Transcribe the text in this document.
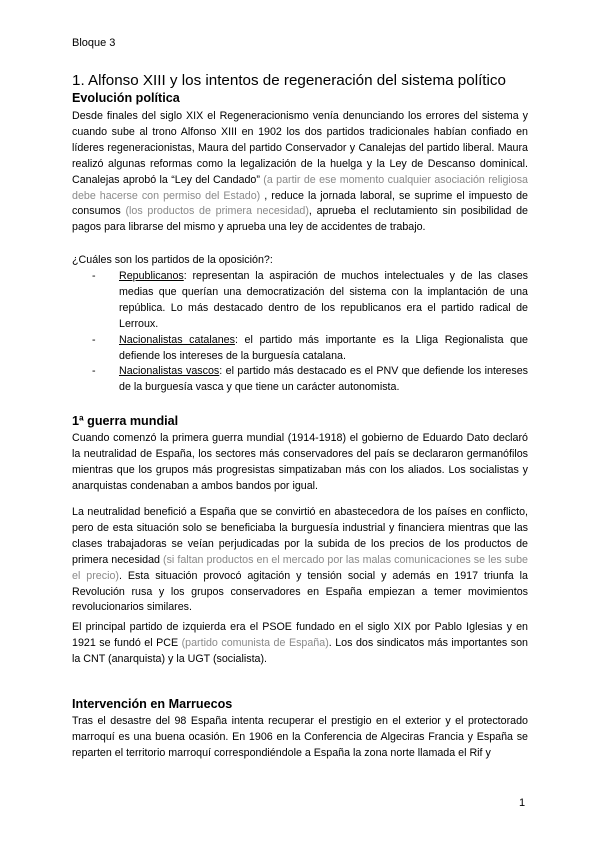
Bloque 3
1. Alfonso XIII y los intentos de regeneración del sistema político
Evolución política

Desde finales del siglo XIX el Regeneracionismo venía denunciando los errores del sistema y cuando sube al trono Alfonso XIII en 1902 los dos partidos tradicionales habían confiado en líderes regeneracionistas, Maura del partido Conservador y Canalejas del partido liberal. Maura realizó algunas reformas como la legalización de la huelga y la Ley de Descanso dominical. Canalejas aprobó la “Ley del Candado” (a partir de ese momento cualquier asociación religiosa debe hacerse con permiso del Estado) , reduce la jornada laboral, se suprime el impuesto de consumos (los productos de primera necesidad), aprueba el reclutamiento sin posibilidad de pagos para librarse del mismo y aprueba una ley de accidentes de trabajo.

¿Cuáles son los partidos de la oposición?:

- Republicanos: representan la aspiración de muchos intelectuales y de las clases medias que querían una democratización del sistema con la implantación de una república. Lo más destacado dentro de los republicanos era el partido radical de Lerroux.
- Nacionalistas catalanes: el partido más importante es la Lliga Regionalista que defiende los intereses de la burguesía catalana.
- Nacionalistas vascos: el partido más destacado es el PNV que defiende los intereses de la burguesía vasca y que tiene un carácter autonomista.
1ª guerra mundial

Cuando comenzó la primera guerra mundial (1914-1918) el gobierno de Eduardo Dato declaró la neutralidad de España, los sectores más conservadores del país se declararon germanófilos mientras que los grupos más progresistas simpatizaban más con los aliados. Los socialistas y anarquistas condenaban a ambos bandos por igual.

La neutralidad benefició a España que se convirtió en abastecedora de los países en conflicto, pero de esta situación solo se beneficiaba la burguesía industrial y financiera mientras que las clases trabajadoras se veían perjudicadas por la subida de los precios de los productos de primera necesidad (si faltan productos en el mercado por las malas comunicaciones se les sube el precio). Esta situación provocó agitación y tensión social y además en 1917 triunfa la Revolución rusa y los grupos conservadores en España empiezan a temer movimientos revolucionarios similares.

El principal partido de izquierda era el PSOE fundado en el siglo XIX por Pablo Iglesias y en 1921 se fundó el PCE (partido comunista de España). Los dos sindicatos más importantes son la CNT (anarquista) y la UGT (socialista).

Intervención en Marruecos

Tras el desastre del 98 España intenta recuperar el prestigio en el exterior y el protectorado marroquí es una buena ocasión. En 1906 en la Conferencia de Algeciras Francia y España se reparten el territorio marroquí correspondiéndole a España la zona norte llamada el Rif y

1
